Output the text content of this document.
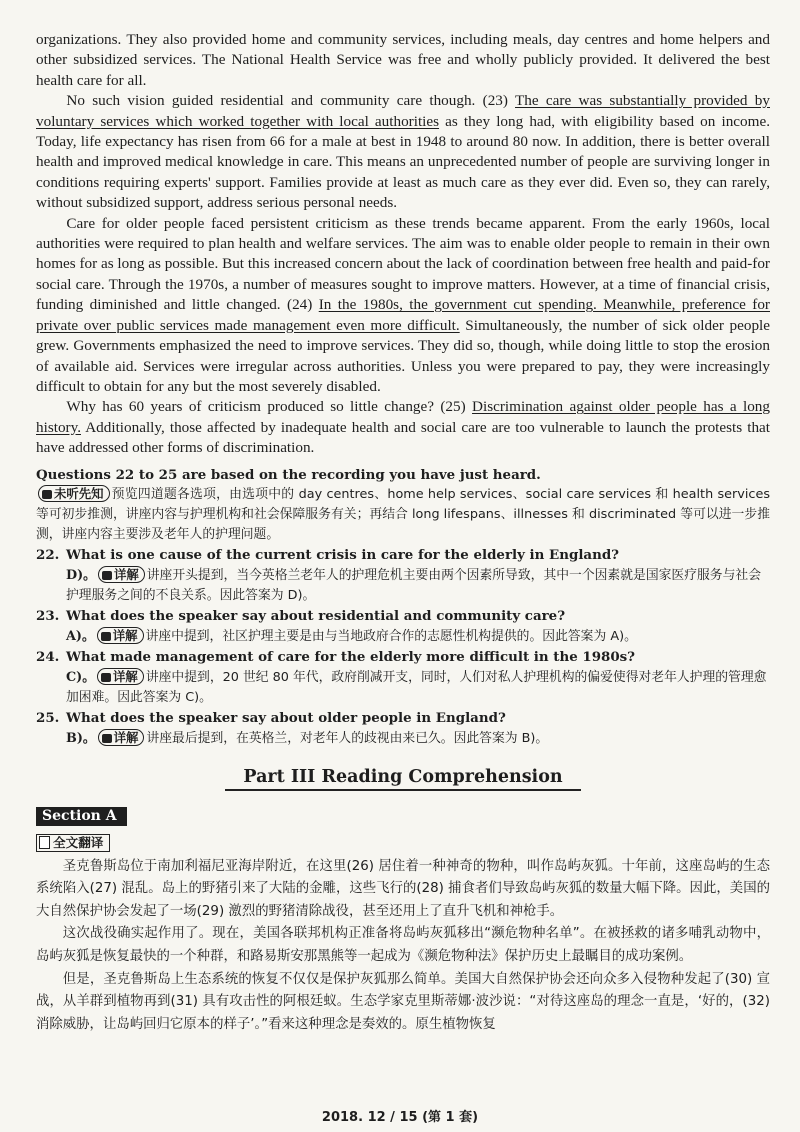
organizations. They also provided home and community services, including meals, day centres and home helpers and other subsidized services. The National Health Service was free and wholly publicly provided. It delivered the best health care for all.

No such vision guided residential and community care though. (23) The care was substantially provided by voluntary services which worked together with local authorities as they long had, with eligibility based on income. Today, life expectancy has risen from 66 for a male at best in 1948 to around 80 now. In addition, there is better overall health and improved medical knowledge in care. This means an unprecedented number of people are surviving longer in conditions requiring experts' support. Families provide at least as much care as they ever did. Even so, they can rarely, without subsidized support, address serious personal needs.

Care for older people faced persistent criticism as these trends became apparent. From the early 1960s, local authorities were required to plan health and welfare services. The aim was to enable older people to remain in their own homes for as long as possible. But this increased concern about the lack of coordination between free health and paid-for social care. Through the 1970s, a number of measures sought to improve matters. However, at a time of financial crisis, funding diminished and little changed. (24) In the 1980s, the government cut spending. Meanwhile, preference for private over public services made management even more difficult. Simultaneously, the number of sick older people grew. Governments emphasized the need to improve services. They did so, though, while doing little to stop the erosion of available aid. Services were irregular across authorities. Unless you were prepared to pay, they were increasingly difficult to obtain for any but the most severely disabled.

Why has 60 years of criticism produced so little change? (25) Discrimination against older people has a long history. Additionally, those affected by inadequate health and social care are too vulnerable to launch the protests that have addressed other forms of discrimination.

Questions 22 to 25 are based on the recording you have just heard.

未听先知 预览四道题各选项，由选项中的 day centres、home help services、social care services 和 health services 等可初步推测，讲座内容与护理机构和社会保障服务有关；再结合 long lifespans、illnesses 和 discriminated 等可以进一步推测，讲座内容主要涉及老年人的护理问题。

22. What is one cause of the current crisis in care for the elderly in England?
D)。 详解 讲座开头提到，当今英格兰老年人的护理危机主要由两个因素所导致，其中一个因素就是国家医疗服务与社会护理服务之间的不良关系。因此答案为 D)。
23. What does the speaker say about residential and community care?
A)。 详解 讲座中提到，社区护理主要是由与当地政府合作的志愿性机构提供的。因此答案为 A)。
24. What made management of care for the elderly more difficult in the 1980s?
C)。 详解 讲座中提到，20 世纪 80 年代，政府削减开支，同时，人们对私人护理机构的偏爱使得对老年人护理的管理愈加困难。因此答案为 C)。
25. What does the speaker say about older people in England?
B)。 详解 讲座最后提到，在英格兰，对老年人的歧视由来已久。因此答案为 B)。
Part III Reading Comprehension
Section A
全文翻译

圣克鲁斯岛位于南加利福尼亚海岸附近，在这里(26) 居住着一种神奇的物种，叫作岛屿灰狐。十年前，这座岛屿的生态系统陷入(27) 混乱。岛上的野猪引来了大陆的金雕，这些飞行的(28) 捕食者们导致岛屿灰狐的数量大幅下降。因此，美国的大自然保护协会发起了一场(29) 激烈的野猪清除战役，甚至还用上了直升飞机和神枪手。

这次战役确实起作用了。现在，美国各联邦机构正准备将岛屿灰狐移出“濒危物种名单”。在被拯救的诸多哺乳动物中，岛屿灰狐是恢复最快的一个种群，和路易斯安那黑熊等一起成为《濒危物种法》保护历史上最瞩目的成功案例。

但是，圣克鲁斯岛上生态系统的恢复不仅仅是保护灰狐那么简单。美国大自然保护协会还向众多入侵物种发起了(30) 宣战，从羊群到植物再到(31) 具有攻击性的阿根廷蚁。生态学家克里斯蒂娜·波沙说：“对待这座岛的理念一直是，‘好的，(32) 消除威胁，让岛屿回归它原本的样子’。”看来这种理念是奏效的。原生植物恢复

2018. 12 / 15 (第 1 套)
